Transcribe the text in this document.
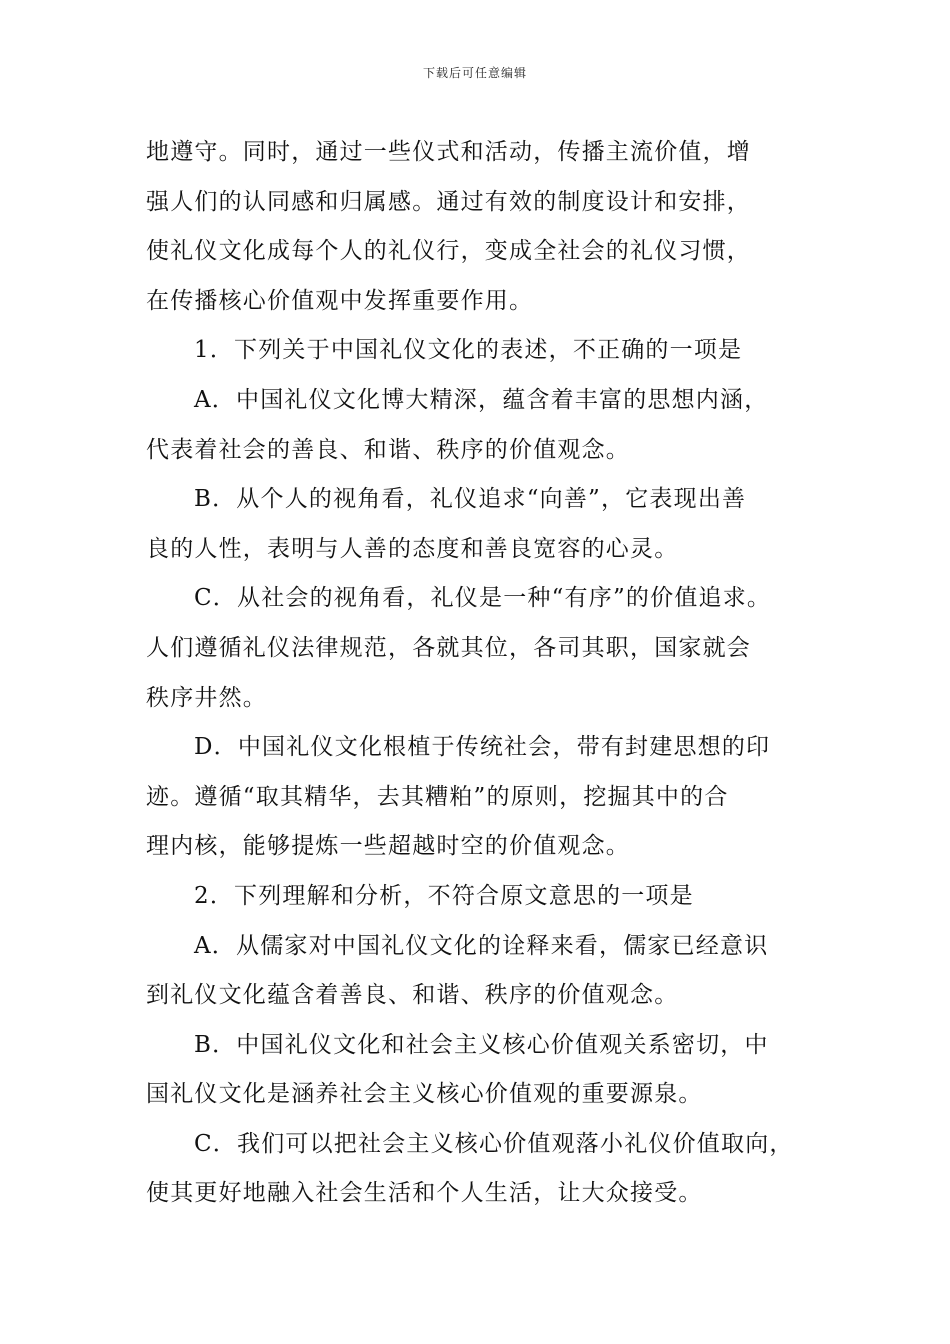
下载后可任意编辑
地遵守。同时，通过一些仪式和活动，传播主流价值，增
强人们的认同感和归属感。通过有效的制度设计和安排，
使礼仪文化成每个人的礼仪行，变成全社会的礼仪习惯，
在传播核心价值观中发挥重要作用。
1．下列关于中国礼仪文化的表述，不正确的一项是
A．中国礼仪文化博大精深，蕴含着丰富的思想内涵，
代表着社会的善良、和谐、秩序的价值观念。
B．从个人的视角看，礼仪追求“向善”，它表现出善
良的人性，表明与人善的态度和善良宽容的心灵。
C．从社会的视角看，礼仪是一种“有序”的价值追求。
人们遵循礼仪法律规范，各就其位，各司其职，国家就会
秩序井然。
D．中国礼仪文化根植于传统社会，带有封建思想的印
迹。遵循“取其精华，去其糟粕”的原则，挖掘其中的合
理内核，能够提炼一些超越时空的价值观念。
2．下列理解和分析，不符合原文意思的一项是
A．从儒家对中国礼仪文化的诠释来看，儒家已经意识
到礼仪文化蕴含着善良、和谐、秩序的价值观念。
B．中国礼仪文化和社会主义核心价值观关系密切，中
国礼仪文化是涵养社会主义核心价值观的重要源泉。
C．我们可以把社会主义核心价值观落小礼仪价值取向，
使其更好地融入社会生活和个人生活，让大众接受。
